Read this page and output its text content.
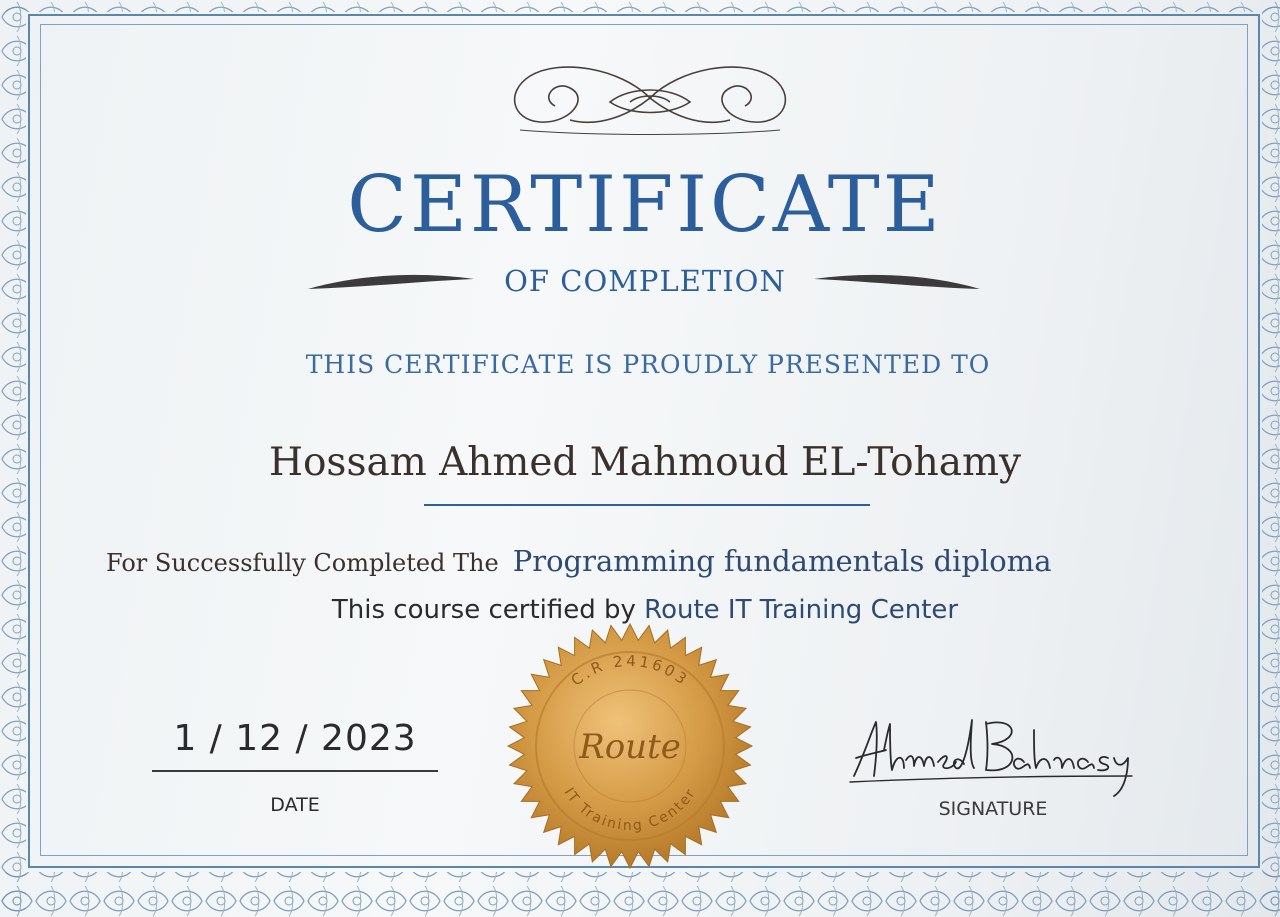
CERTIFICATE
OF COMPLETION
THIS CERTIFICATE IS PROUDLY PRESENTED TO
Hossam Ahmed Mahmoud EL-Tohamy
For Successfully Completed The Programming fundamentals diploma
This course certified by Route IT Training Center
1 / 12 / 2023
DATE	SIGNATURE
C.R 241603
Route
IT Training Center
